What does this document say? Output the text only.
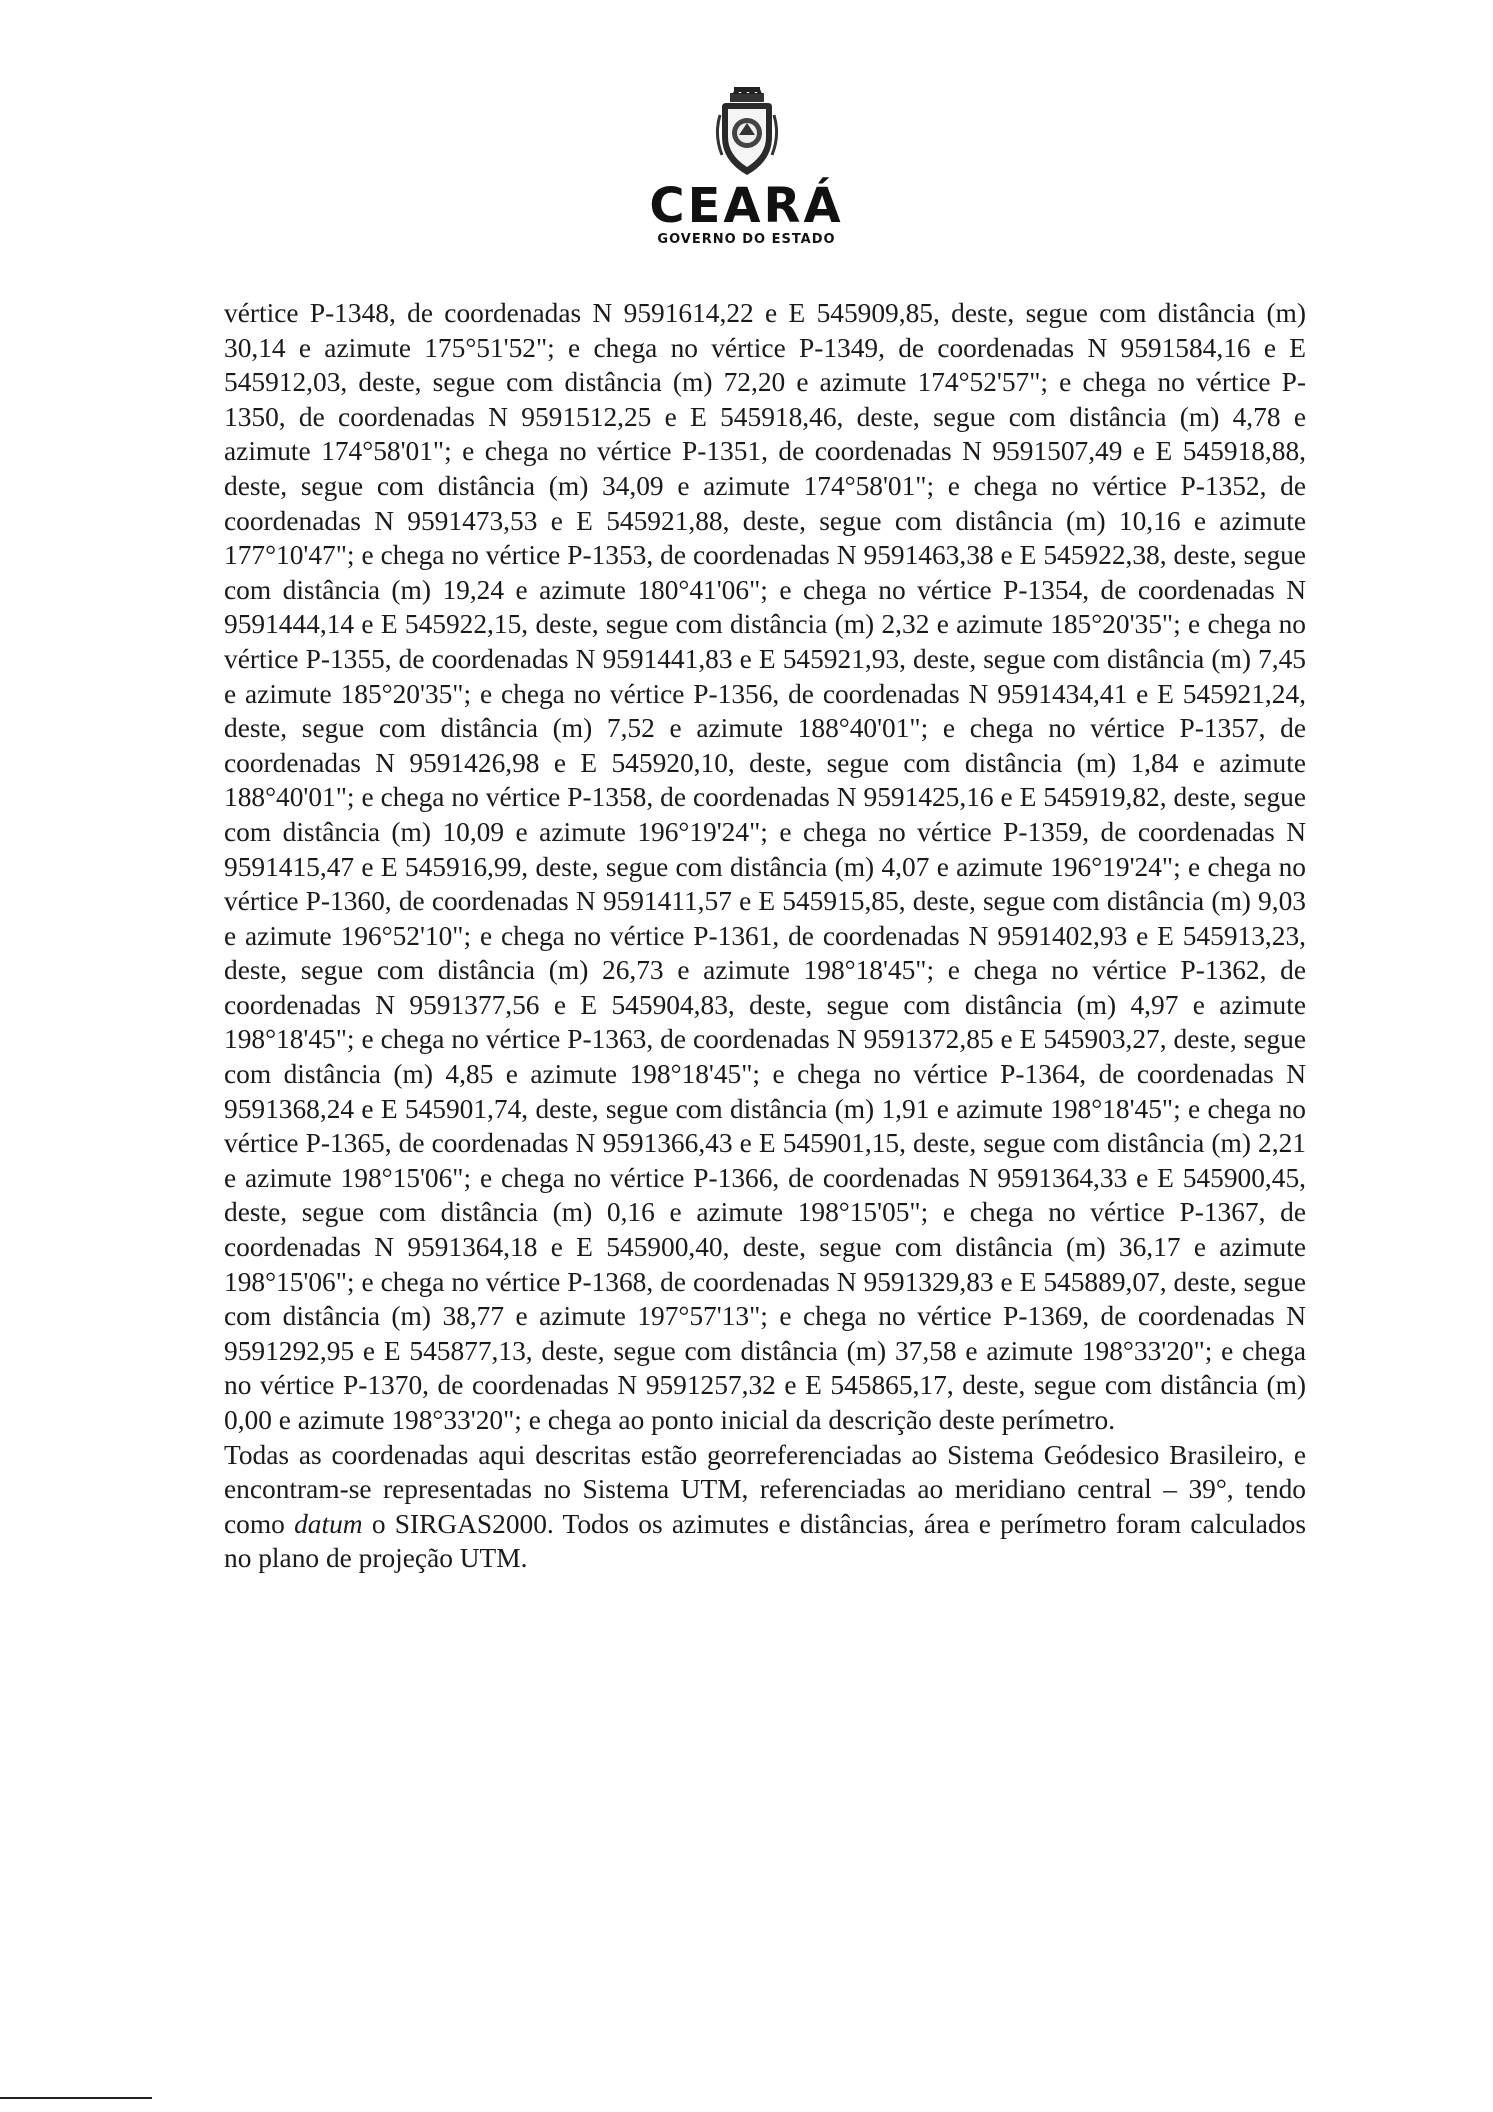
CEARÁ
GOVERNO DO ESTADO

vértice P-1348, de coordenadas N 9591614,22 e E 545909,85, deste, segue com distância (m) 30,14 e azimute 175°51'52"; e chega no vértice P-1349, de coordenadas N 9591584,16 e E 545912,03, deste, segue com distância (m) 72,20 e azimute 174°52'57"; e chega no vértice P-1350, de coordenadas N 9591512,25 e E 545918,46, deste, segue com distância (m) 4,78 e azimute 174°58'01"; e chega no vértice P-1351, de coordenadas N 9591507,49 e E 545918,88, deste, segue com distância (m) 34,09 e azimute 174°58'01"; e chega no vértice P-1352, de coordenadas N 9591473,53 e E 545921,88, deste, segue com distância (m) 10,16 e azimute 177°10'47"; e chega no vértice P-1353, de coordenadas N 9591463,38 e E 545922,38, deste, segue com distância (m) 19,24 e azimute 180°41'06"; e chega no vértice P-1354, de coordenadas N 9591444,14 e E 545922,15, deste, segue com distância (m) 2,32 e azimute 185°20'35"; e chega no vértice P-1355, de coordenadas N 9591441,83 e E 545921,93, deste, segue com distância (m) 7,45 e azimute 185°20'35"; e chega no vértice P-1356, de coordenadas N 9591434,41 e E 545921,24, deste, segue com distância (m) 7,52 e azimute 188°40'01"; e chega no vértice P-1357, de coordenadas N 9591426,98 e E 545920,10, deste, segue com distância (m) 1,84 e azimute 188°40'01"; e chega no vértice P-1358, de coordenadas N 9591425,16 e E 545919,82, deste, segue com distância (m) 10,09 e azimute 196°19'24"; e chega no vértice P-1359, de coordenadas N 9591415,47 e E 545916,99, deste, segue com distância (m) 4,07 e azimute 196°19'24"; e chega no vértice P-1360, de coordenadas N 9591411,57 e E 545915,85, deste, segue com distância (m) 9,03 e azimute 196°52'10"; e chega no vértice P-1361, de coordenadas N 9591402,93 e E 545913,23, deste, segue com distância (m) 26,73 e azimute 198°18'45"; e chega no vértice P-1362, de coordenadas N 9591377,56 e E 545904,83, deste, segue com distância (m) 4,97 e azimute 198°18'45"; e chega no vértice P-1363, de coordenadas N 9591372,85 e E 545903,27, deste, segue com distância (m) 4,85 e azimute 198°18'45"; e chega no vértice P-1364, de coordenadas N 9591368,24 e E 545901,74, deste, segue com distância (m) 1,91 e azimute 198°18'45"; e chega no vértice P-1365, de coordenadas N 9591366,43 e E 545901,15, deste, segue com distância (m) 2,21 e azimute 198°15'06"; e chega no vértice P-1366, de coordenadas N 9591364,33 e E 545900,45, deste, segue com distância (m) 0,16 e azimute 198°15'05"; e chega no vértice P-1367, de coordenadas N 9591364,18 e E 545900,40, deste, segue com distância (m) 36,17 e azimute 198°15'06"; e chega no vértice P-1368, de coordenadas N 9591329,83 e E 545889,07, deste, segue com distância (m) 38,77 e azimute 197°57'13"; e chega no vértice P-1369, de coordenadas N 9591292,95 e E 545877,13, deste, segue com distância (m) 37,58 e azimute 198°33'20"; e chega no vértice P-1370, de coordenadas N 9591257,32 e E 545865,17, deste, segue com distância (m) 0,00 e azimute 198°33'20"; e chega ao ponto inicial da descrição deste perímetro.

Todas as coordenadas aqui descritas estão georreferenciadas ao Sistema Geódesico Brasileiro, e encontram-se representadas no Sistema UTM, referenciadas ao meridiano central – 39°, tendo como datum o SIRGAS2000. Todos os azimutes e distâncias, área e perímetro foram calculados no plano de projeção UTM.
